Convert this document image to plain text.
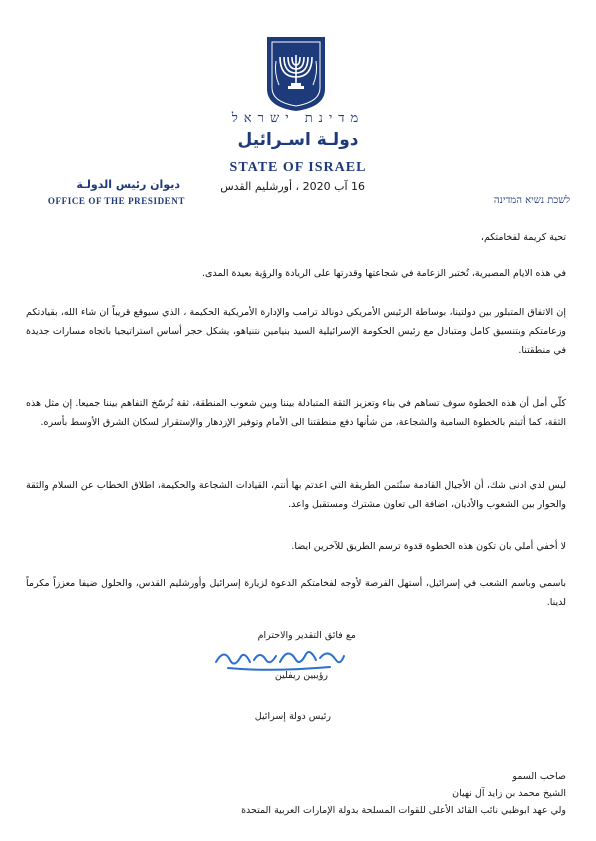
מדינת ישראל
دولـة اسـرائيل
STATE OF ISRAEL
16 آب 2020 ، أورشليم القدس
ديوان رئيس الدولـة
OFFICE OF THE PRESIDENT	לשכת נשיא המדינה
تحية كريمة لفخامتكم،
في هذه الايام المصيرية، تُختبر الزعامة في شجاعتها وقدرتها على الريادة والرؤية بعيدة المدى.
إن الاتفاق المتبلور بين دولتينا، بوساطة الرئيس الأمريكي دونالد ترامب والإدارة الأمريكية الحكيمة ، الذي سيوقع قريباً ان شاء الله، بقيادتكم وزعامتكم وبتنسيق كامل ومتبادل مع رئيس الحكومة الإسرائيلية السيد بنيامين نتنياهو، يشكل حجر أساس استراتيجيا باتجاه مسارات جديدة في منطقتنا.
كلّي أمل أن هذه الخطوة سوف تساهم في بناء وتعزيز الثقة المتبادلة بيننا وبين شعوب المنطقة، ثقة تُرسّخ التفاهم بيننا جميعا. إن مثل هذه الثقة، كما أثبتم بالخطوة السامية والشجاعة، من شأنها دفع منطقتنا الى الأمام وتوفير الإزدهار والإستقرار لسكان الشرق الأوسط بأسره.
ليس لدي ادنى شك، أن الأجيال القادمة ستُثمن الطريقة التي اعدتم بها أنتم، القيادات الشجاعة والحكيمة، اطلاق الخطاب عن السلام والثقة والحوار بين الشعوب والأديان، اضافة الى تعاون مشترك ومستقبل واعد.
لا أخفي أملي بان تكون هذه الخطوة قدوة ترسم الطريق للآخرين ايضا.
باسمي وباسم الشعب في إسرائيل، أستهل الفرصة لأوجه لفخامتكم الدعوة لزيارة إسرائيل وأورشليم القدس، والحلول ضيفا معززاً مكرماً لدينا.
مع فائق التقدير والاحترام
رؤيبين ريفلين
رئيس دولة إسرائيل
صاحب السمو
الشيخ محمد بن زايد آل نهيان
ولي عهد ابوظبي نائب القائد الأعلى للقوات المسلحة بدولة الإمارات العربية المتحدة
